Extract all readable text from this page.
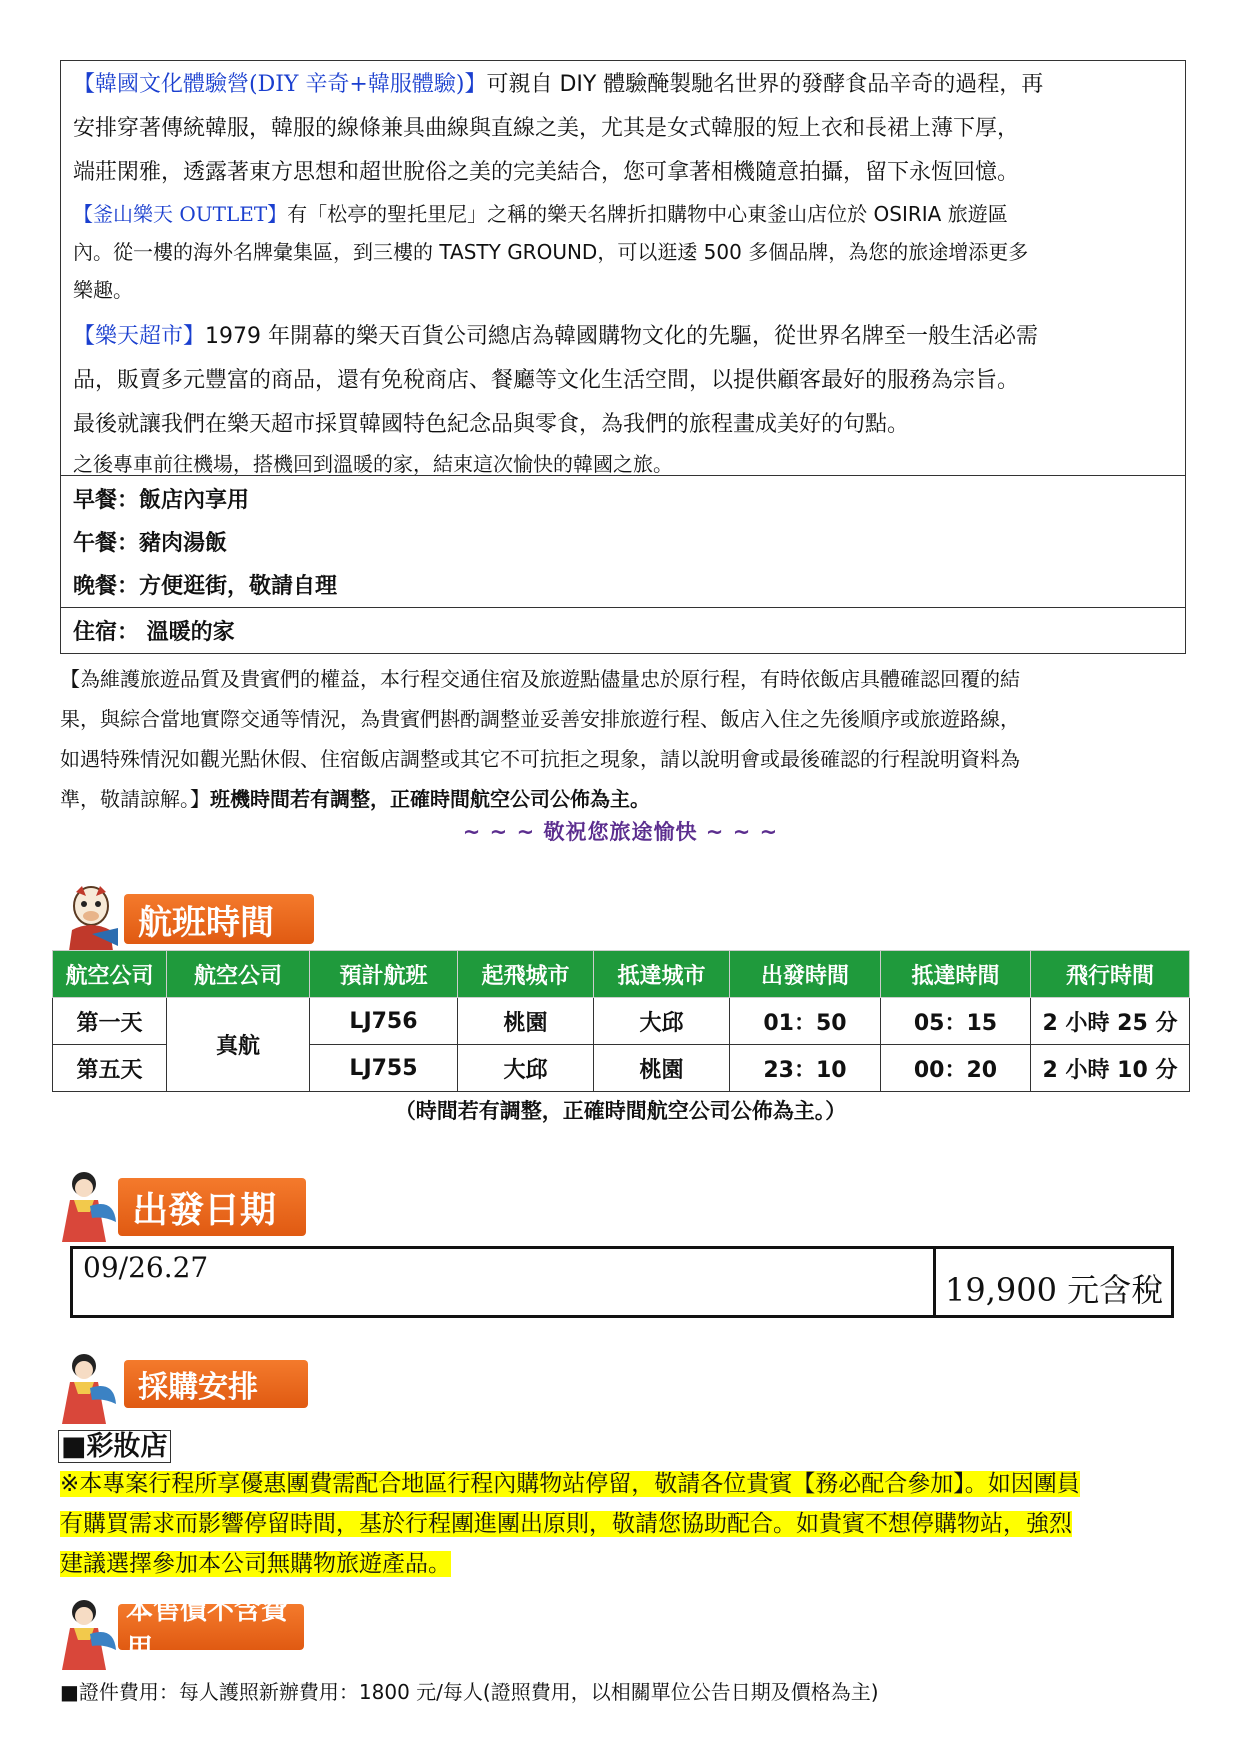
【韓國文化體驗營(DIY 辛奇+韓服體驗)】可親自 DIY 體驗醃製馳名世界的發酵食品辛奇的過程，再
安排穿著傳統韓服，韓服的線條兼具曲線與直線之美，尤其是女式韓服的短上衣和長裙上薄下厚，
端莊閑雅，透露著東方思想和超世脫俗之美的完美結合，您可拿著相機隨意拍攝，留下永恆回憶。
【釜山樂天 OUTLET】有「松亭的聖托里尼」之稱的樂天名牌折扣購物中心東釜山店位於 OSIRIA 旅遊區
內。從一樓的海外名牌彙集區，到三樓的 TASTY GROUND，可以逛逶 500 多個品牌，為您的旅途增添更多
樂趣。
【樂天超市】1979 年開幕的樂天百貨公司總店為韓國購物文化的先驅，從世界名牌至一般生活必需
品，販賣多元豐富的商品，還有免稅商店、餐廳等文化生活空間，以提供顧客最好的服務為宗旨。
最後就讓我們在樂天超市採買韓國特色紀念品與零食，為我們的旅程畫成美好的句點。
之後專車前往機場，搭機回到溫暖的家，結束這次愉快的韓國之旅。
早餐：飯店內享用
午餐：豬肉湯飯
晚餐：方便逛街，敬請自理
住宿： 溫暖的家
【為維護旅遊品質及貴賓們的權益，本行程交通住宿及旅遊點儘量忠於原行程，有時依飯店具體確認回覆的結
果，與綜合當地實際交通等情況，為貴賓們斟酌調整並妥善安排旅遊行程、飯店入住之先後順序或旅遊路線，
如遇特殊情況如觀光點休假、住宿飯店調整或其它不可抗拒之現象，請以說明會或最後確認的行程說明資料為
準，敬請諒解。】班機時間若有調整，正確時間航空公司公佈為主。
~ ~ ~ 敬祝您旅途愉快 ~ ~ ~
航班時間
航空公司	航空公司	預計航班	起飛城市	抵達城市	出發時間	抵達時間	飛行時間
第一天	真航	LJ756	桃園	大邱	01：50	05：15	2 小時 25 分
第五天		LJ755	大邱	桃園	23：10	00：20	2 小時 10 分
（時間若有調整，正確時間航空公司公佈為主。）
出發日期
09/26.27
19,900 元含稅
採購安排
■彩妝店
※本專案行程所享優惠團費需配合地區行程內購物站停留，敬請各位貴賓【務必配合參加】。如因團員
有購買需求而影響停留時間，基於行程團進團出原則，敬請您協助配合。如貴賓不想停購物站，強烈
建議選擇參加本公司無購物旅遊產品。
本售價不含費用
■證件費用：每人護照新辦費用：1800 元/每人(證照費用，以相關單位公告日期及價格為主)
